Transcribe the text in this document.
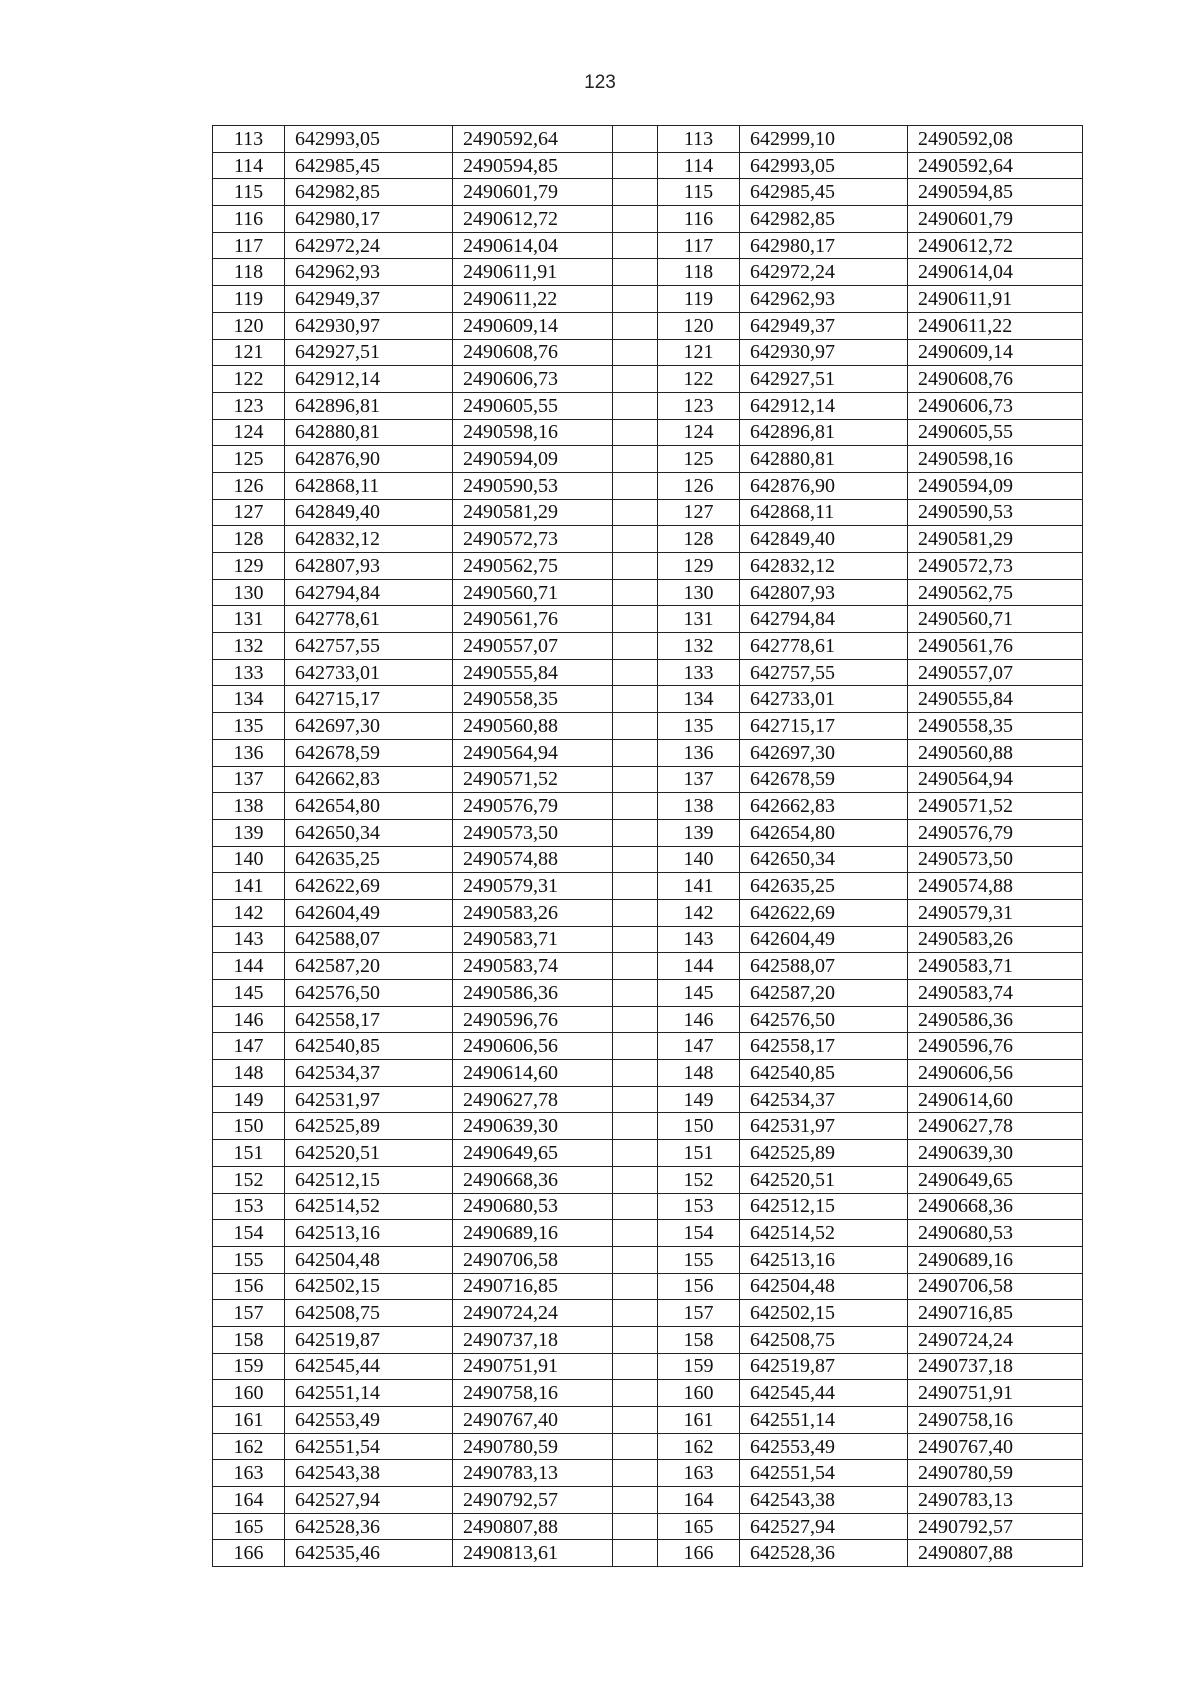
123
113	642993,05	2490592,64		113	642999,10	2490592,08
114	642985,45	2490594,85		114	642993,05	2490592,64
115	642982,85	2490601,79		115	642985,45	2490594,85
116	642980,17	2490612,72		116	642982,85	2490601,79
117	642972,24	2490614,04		117	642980,17	2490612,72
118	642962,93	2490611,91		118	642972,24	2490614,04
119	642949,37	2490611,22		119	642962,93	2490611,91
120	642930,97	2490609,14		120	642949,37	2490611,22
121	642927,51	2490608,76		121	642930,97	2490609,14
122	642912,14	2490606,73		122	642927,51	2490608,76
123	642896,81	2490605,55		123	642912,14	2490606,73
124	642880,81	2490598,16		124	642896,81	2490605,55
125	642876,90	2490594,09		125	642880,81	2490598,16
126	642868,11	2490590,53		126	642876,90	2490594,09
127	642849,40	2490581,29		127	642868,11	2490590,53
128	642832,12	2490572,73		128	642849,40	2490581,29
129	642807,93	2490562,75		129	642832,12	2490572,73
130	642794,84	2490560,71		130	642807,93	2490562,75
131	642778,61	2490561,76		131	642794,84	2490560,71
132	642757,55	2490557,07		132	642778,61	2490561,76
133	642733,01	2490555,84		133	642757,55	2490557,07
134	642715,17	2490558,35		134	642733,01	2490555,84
135	642697,30	2490560,88		135	642715,17	2490558,35
136	642678,59	2490564,94		136	642697,30	2490560,88
137	642662,83	2490571,52		137	642678,59	2490564,94
138	642654,80	2490576,79		138	642662,83	2490571,52
139	642650,34	2490573,50		139	642654,80	2490576,79
140	642635,25	2490574,88		140	642650,34	2490573,50
141	642622,69	2490579,31		141	642635,25	2490574,88
142	642604,49	2490583,26		142	642622,69	2490579,31
143	642588,07	2490583,71		143	642604,49	2490583,26
144	642587,20	2490583,74		144	642588,07	2490583,71
145	642576,50	2490586,36		145	642587,20	2490583,74
146	642558,17	2490596,76		146	642576,50	2490586,36
147	642540,85	2490606,56		147	642558,17	2490596,76
148	642534,37	2490614,60		148	642540,85	2490606,56
149	642531,97	2490627,78		149	642534,37	2490614,60
150	642525,89	2490639,30		150	642531,97	2490627,78
151	642520,51	2490649,65		151	642525,89	2490639,30
152	642512,15	2490668,36		152	642520,51	2490649,65
153	642514,52	2490680,53		153	642512,15	2490668,36
154	642513,16	2490689,16		154	642514,52	2490680,53
155	642504,48	2490706,58		155	642513,16	2490689,16
156	642502,15	2490716,85		156	642504,48	2490706,58
157	642508,75	2490724,24		157	642502,15	2490716,85
158	642519,87	2490737,18		158	642508,75	2490724,24
159	642545,44	2490751,91		159	642519,87	2490737,18
160	642551,14	2490758,16		160	642545,44	2490751,91
161	642553,49	2490767,40		161	642551,14	2490758,16
162	642551,54	2490780,59		162	642553,49	2490767,40
163	642543,38	2490783,13		163	642551,54	2490780,59
164	642527,94	2490792,57		164	642543,38	2490783,13
165	642528,36	2490807,88		165	642527,94	2490792,57
166	642535,46	2490813,61		166	642528,36	2490807,88
